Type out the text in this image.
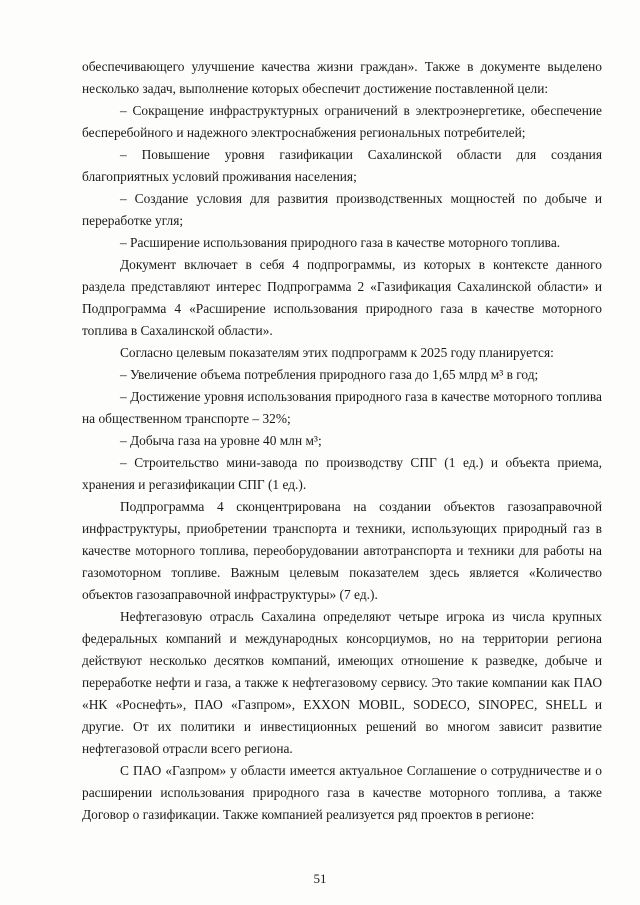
обеспечивающего улучшение качества жизни граждан». Также в документе выделено несколько задач, выполнение которых обеспечит достижение поставленной цели:

– Сокращение инфраструктурных ограничений в электроэнергетике, обеспечение бесперебойного и надежного электроснабжения региональных потребителей;

– Повышение уровня газификации Сахалинской области для создания благоприятных условий проживания населения;

– Создание условия для развития производственных мощностей по добыче и переработке угля;

– Расширение использования природного газа в качестве моторного топлива.

Документ включает в себя 4 подпрограммы, из которых в контексте данного раздела представляют интерес Подпрограмма 2 «Газификация Сахалинской области» и Подпрограмма 4 «Расширение использования природного газа в качестве моторного топлива в Сахалинской области».

Согласно целевым показателям этих подпрограмм к 2025 году планируется:

– Увеличение объема потребления природного газа до 1,65 млрд м³ в год;

– Достижение уровня использования природного газа в качестве моторного топлива на общественном транспорте – 32%;

– Добыча газа на уровне 40 млн м³;

– Строительство мини-завода по производству СПГ (1 ед.) и объекта приема, хранения и регазификации СПГ (1 ед.).

Подпрограмма 4 сконцентрирована на создании объектов газозаправочной инфраструктуры, приобретении транспорта и техники, использующих природный газ в качестве моторного топлива, переоборудовании автотранспорта и техники для работы на газомоторном топливе. Важным целевым показателем здесь является «Количество объектов газозаправочной инфраструктуры» (7 ед.).

Нефтегазовую отрасль Сахалина определяют четыре игрока из числа крупных федеральных компаний и международных консорциумов, но на территории региона действуют несколько десятков компаний, имеющих отношение к разведке, добыче и переработке нефти и газа, а также к нефтегазовому сервису. Это такие компании как ПАО «НК «Роснефть», ПАО «Газпром», EXXON MOBIL, SODECO, SINOPEC, SHELL и другие. От их политики и инвестиционных решений во многом зависит развитие нефтегазовой отрасли всего региона.

С ПАО «Газпром» у области имеется актуальное Соглашение о сотрудничестве и о расширении использования природного газа в качестве моторного топлива, а также Договор о газификации. Также компанией реализуется ряд проектов в регионе:

51
